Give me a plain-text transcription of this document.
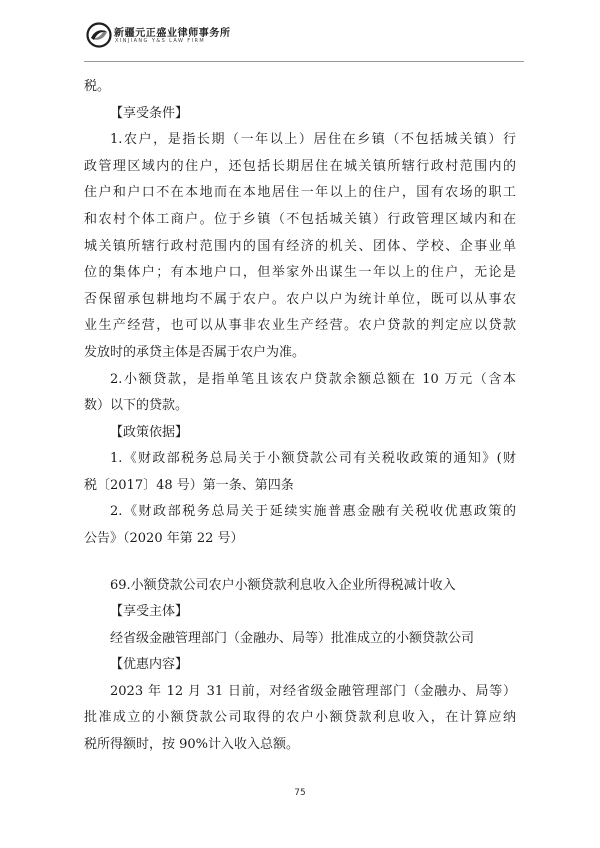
新疆元正盛业律师事务所
XINJIANG Y&S LAW FIRM
税。
【享受条件】
1.农户，是指长期（一年以上）居住在乡镇（不包括城关镇）行
政管理区域内的住户，还包括长期居住在城关镇所辖行政村范围内的
住户和户口不在本地而在本地居住一年以上的住户，国有农场的职工
和农村个体工商户。位于乡镇（不包括城关镇）行政管理区域内和在
城关镇所辖行政村范围内的国有经济的机关、团体、学校、企事业单
位的集体户；有本地户口，但举家外出谋生一年以上的住户，无论是
否保留承包耕地均不属于农户。农户以户为统计单位，既可以从事农
业生产经营，也可以从事非农业生产经营。农户贷款的判定应以贷款
发放时的承贷主体是否属于农户为准。
2.小额贷款，是指单笔且该农户贷款余额总额在 10 万元（含本
数）以下的贷款。
【政策依据】
1.《财政部税务总局关于小额贷款公司有关税收政策的通知》(财
税〔2017〕48 号）第一条、第四条
2.《财政部税务总局关于延续实施普惠金融有关税收优惠政策的
公告》（2020 年第 22 号）
69.小额贷款公司农户小额贷款利息收入企业所得税减计收入
【享受主体】
经省级金融管理部门（金融办、局等）批准成立的小额贷款公司
【优惠内容】
2023 年 12 月 31 日前，对经省级金融管理部门（金融办、局等）
批准成立的小额贷款公司取得的农户小额贷款利息收入，在计算应纳
税所得额时，按 90%计入收入总额。
75
